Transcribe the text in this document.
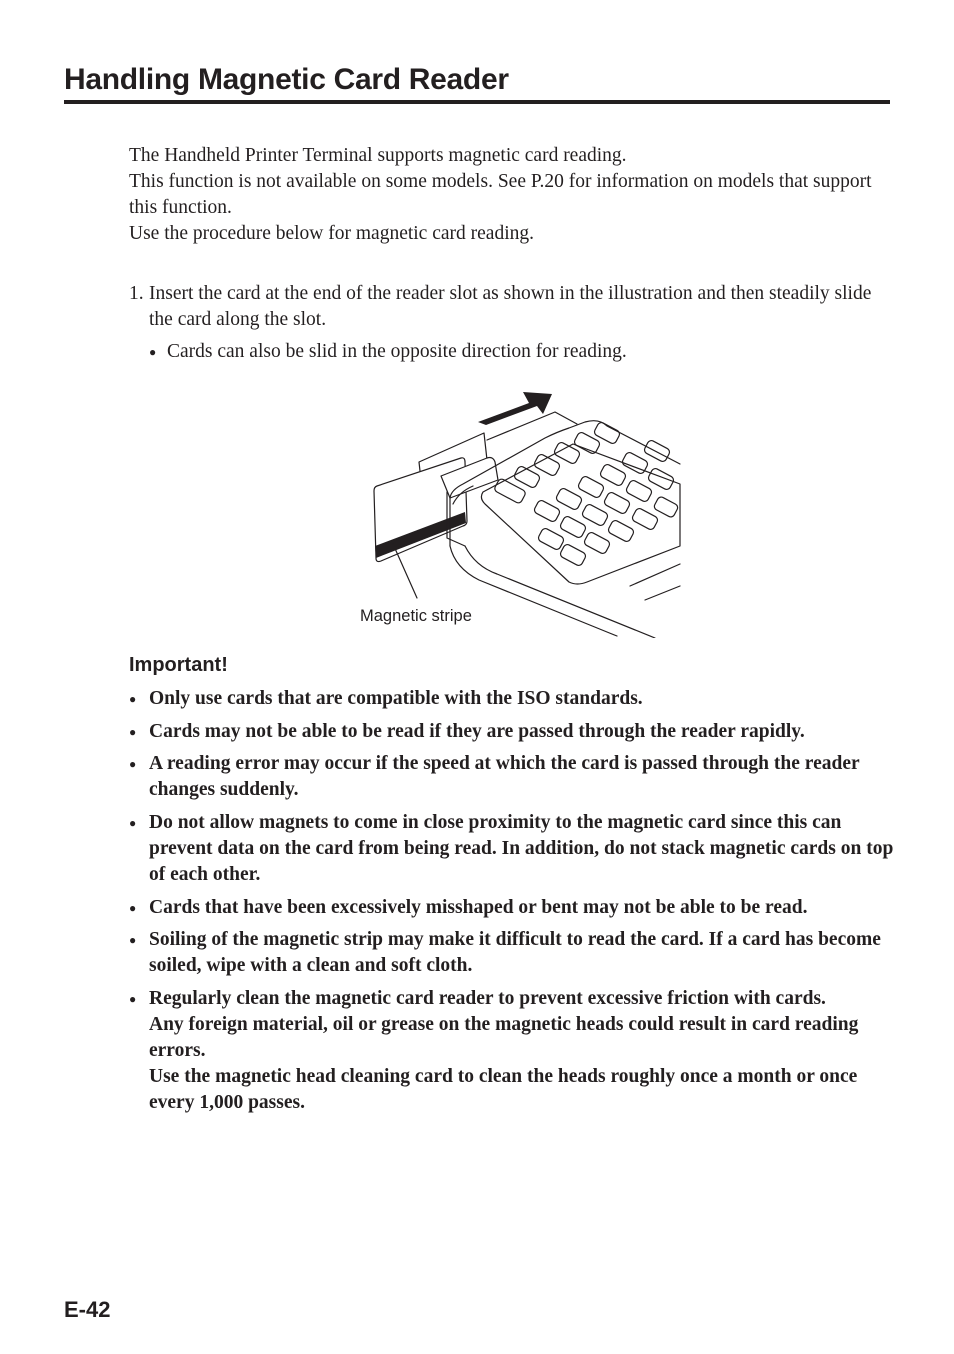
Handling Magnetic Card Reader

The Handheld Printer Terminal supports magnetic card reading.

This function is not available on some models. See P.20 for information on models that support this function.

Use the procedure below for magnetic card reading.

1. Insert the card at the end of the reader slot as shown in the illustration and then steadily slide the card along the slot.
● Cards can also be slid in the opposite direction for reading.
Magnetic stripe
Important!
● Only use cards that are compatible with the ISO standards.
● Cards may not be able to be read if they are passed through the reader rapidly.
● A reading error may occur if the speed at which the card is passed through the reader changes suddenly.
● Do not allow magnets to come in close proximity to the magnetic card since this can prevent data on the card from being read. In addition, do not stack magnetic cards on top of each other.
● Cards that have been excessively misshaped or bent may not be able to be read.
● Soiling of the magnetic strip may make it difficult to read the card. If a card has become soiled, wipe with a clean and soft cloth.
● Regularly clean the magnetic card reader to prevent excessive friction with cards.
Any foreign material, oil or grease on the magnetic heads could result in card reading errors.
Use the magnetic head cleaning card to clean the heads roughly once a month or once every 1,000 passes.
E-42
